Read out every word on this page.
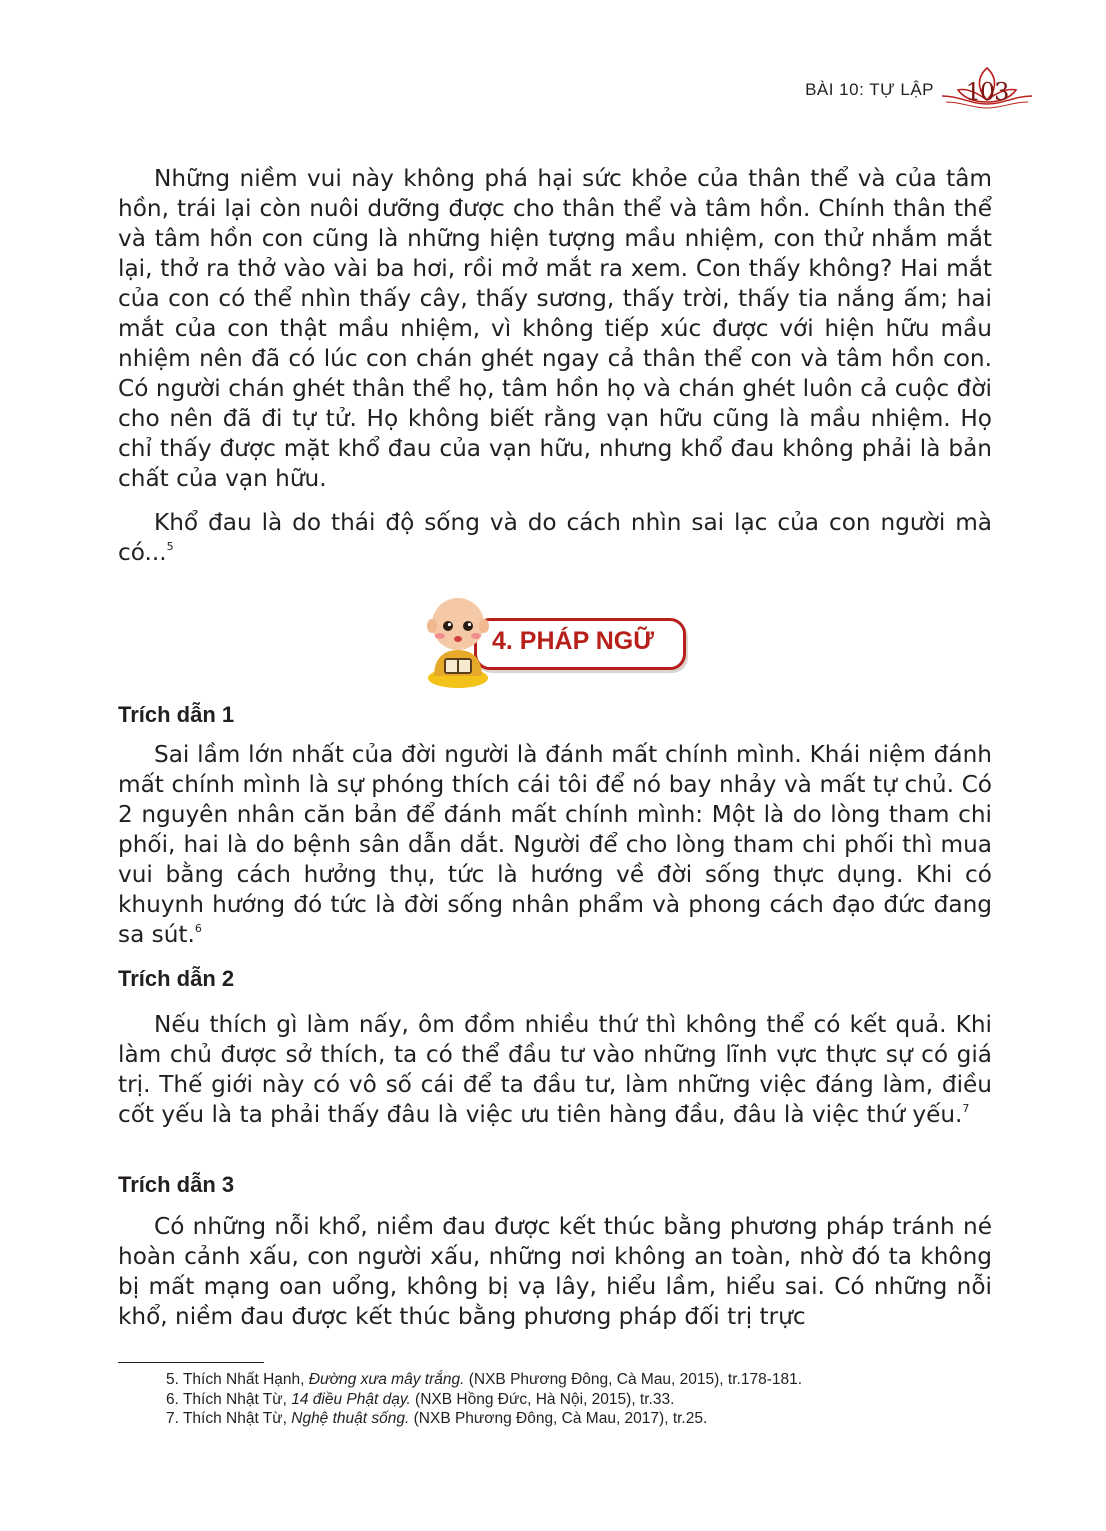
BÀI 10: TỰ LẬP 103

Những niềm vui này không phá hại sức khỏe của thân thể và của tâm hồn, trái lại còn nuôi dưỡng được cho thân thể và tâm hồn. Chính thân thể và tâm hồn con cũng là những hiện tượng mầu nhiệm, con thử nhắm mắt lại, thở ra thở vào vài ba hơi, rồi mở mắt ra xem. Con thấy không? Hai mắt của con có thể nhìn thấy cây, thấy sương, thấy trời, thấy tia nắng ấm; hai mắt của con thật mầu nhiệm, vì không tiếp xúc được với hiện hữu mầu nhiệm nên đã có lúc con chán ghét ngay cả thân thể con và tâm hồn con. Có người chán ghét thân thể họ, tâm hồn họ và chán ghét luôn cả cuộc đời cho nên đã đi tự tử. Họ không biết rằng vạn hữu cũng là mầu nhiệm. Họ chỉ thấy được mặt khổ đau của vạn hữu, nhưng khổ đau không phải là bản chất của vạn hữu.

Khổ đau là do thái độ sống và do cách nhìn sai lạc của con người mà có...$^5$

4. PHÁP NGỮ
Trích dẫn 1

Sai lầm lớn nhất của đời người là đánh mất chính mình. Khái niệm đánh mất chính mình là sự phóng thích cái tôi để nó bay nhảy và mất tự chủ. Có 2 nguyên nhân căn bản để đánh mất chính mình: Một là do lòng tham chi phối, hai là do bệnh sân dẫn dắt. Người để cho lòng tham chi phối thì mua vui bằng cách hưởng thụ, tức là hướng về đời sống thực dụng. Khi có khuynh hướng đó tức là đời sống nhân phẩm và phong cách đạo đức đang sa sút.$^6$

Trích dẫn 2

Nếu thích gì làm nấy, ôm đồm nhiều thứ thì không thể có kết quả. Khi làm chủ được sở thích, ta có thể đầu tư vào những lĩnh vực thực sự có giá trị. Thế giới này có vô số cái để ta đầu tư, làm những việc đáng làm, điều cốt yếu là ta phải thấy đâu là việc ưu tiên hàng đầu, đâu là việc thứ yếu.$^7$

Trích dẫn 3

Có những nỗi khổ, niềm đau được kết thúc bằng phương pháp tránh né hoàn cảnh xấu, con người xấu, những nơi không an toàn, nhờ đó ta không bị mất mạng oan uổng, không bị vạ lây, hiểu lầm, hiểu sai. Có những nỗi khổ, niềm đau được kết thúc bằng phương pháp đối trị trực

5. Thích Nhất Hạnh, Đường xưa mây trắng. (NXB Phương Đông, Cà Mau, 2015), tr.178-181.
6. Thích Nhật Từ, 14 điều Phật dạy. (NXB Hồng Đức, Hà Nội, 2015), tr.33.
7. Thích Nhật Từ, Nghệ thuật sống. (NXB Phương Đông, Cà Mau, 2017), tr.25.
